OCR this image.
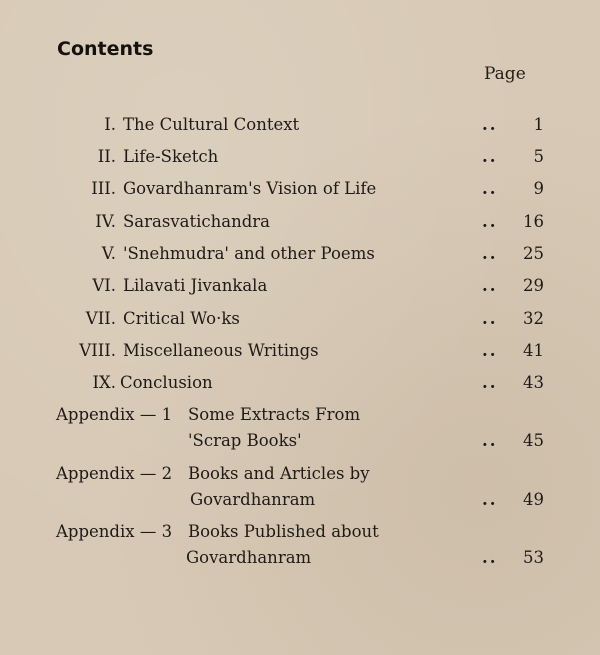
Contents
Page
I. The Cultural Context	.. 1
II. Life-Sketch	.. 5
III. Govardhanram's Vision of Life	.. 9
IV. Sarasvatichandra	.. 16
V. 'Snehmudra' and other Poems	.. 25
VI. Lilavati Jivankala	.. 29
VII. Critical Wo·ks	.. 32
VIII. Miscellaneous Writings	.. 41
IX. Conclusion	.. 43
Appendix — 1 Some Extracts From
'Scrap Books'	.. 45
Appendix — 2 Books and Articles by
Govardhanram	.. 49
Appendix — 3 Books Published about
Govardhanram	.. 53
